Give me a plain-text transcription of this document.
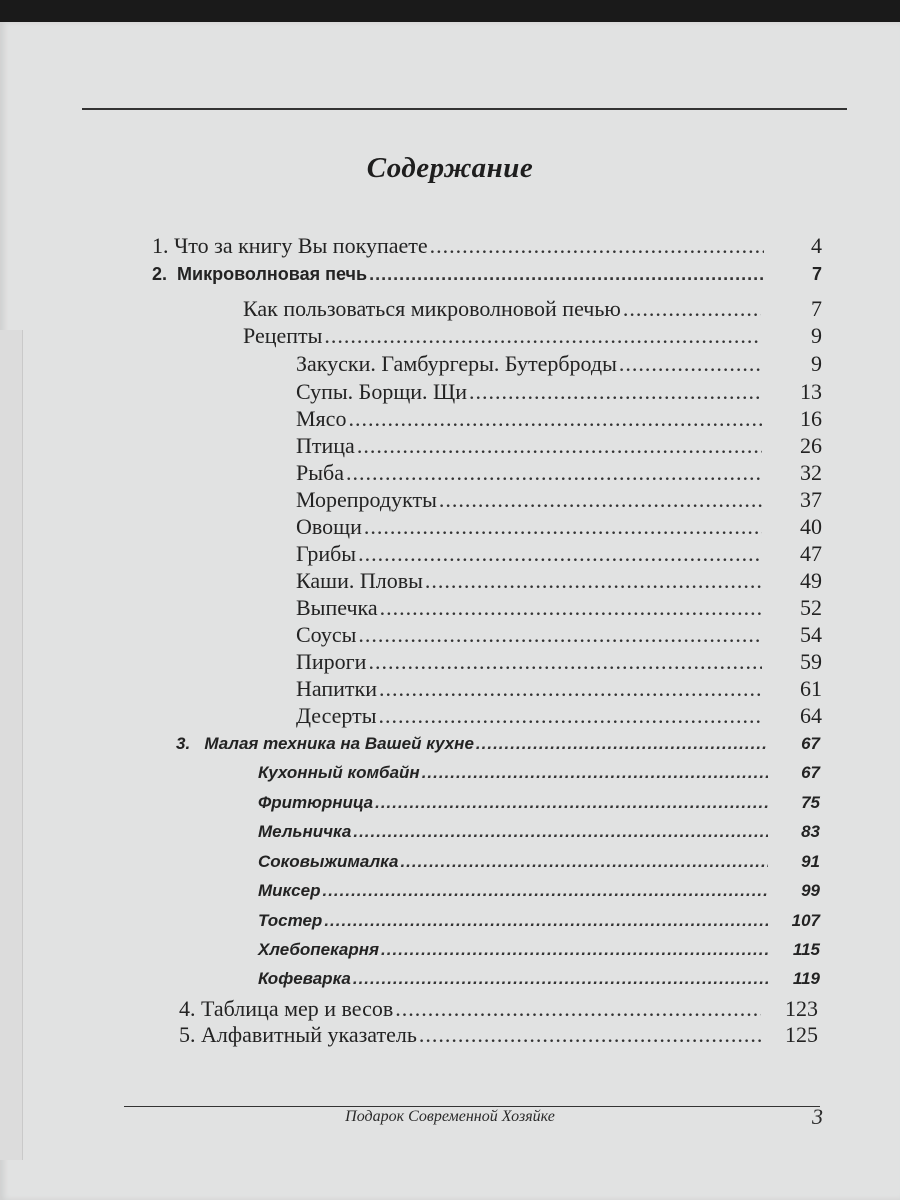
Содержание
1.
Что за книгу Вы покупаете .....	4
2.
Микроволновая печь .....	7
Как пользоваться микроволновой печью .....	7
Рецепты .....	9
Закуски. Гамбургеры. Бутерброды .....	9
Супы. Борщи. Щи .....	13
Мясо .....	16
Птица .....	26
Рыба .....	32
Морепродукты .....	37
Овощи .....	40
Грибы .....	47
Каши. Пловы .....	49
Выпечка .....	52
Соусы .....	54
Пироги .....	59
Напитки .....	61
Десерты .....	64
3.
Малая техника на Вашей кухне .....	67
Кухонный комбайн .....	67
Фритюрница .....	75
Мельничка .....	83
Соковыжималка .....	91
Миксер .....	99
Тостер .....	107
Хлебопекарня .....	115
Кофеварка .....	119
4.
Таблица мер и весов .....	123
5.
Алфавитный указатель .....	125
Подарок Современной Хозяйке	3
